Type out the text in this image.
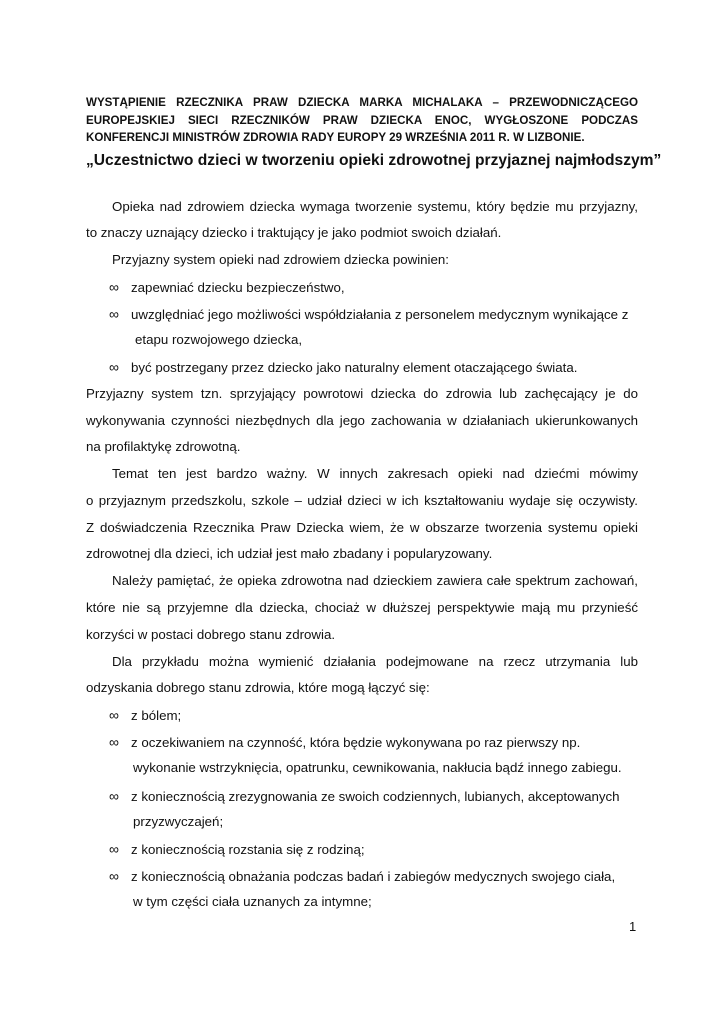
WYSTĄPIENIE RZECZNIKA PRAW DZIECKA MARKA MICHALAKA – PRZEWODNICZĄCEGO EUROPEJSKIEJ SIECI RZECZNIKÓW PRAW DZIECKA ENOC, WYGŁOSZONE PODCZAS KONFERENCJI MINISTRÓW ZDROWIA RADY EUROPY 29 WRZEŚNIA 2011 R. W LIZBONIE.
„Uczestnictwo dzieci w tworzeniu opieki zdrowotnej przyjaznej najmłodszym”
Opieka nad zdrowiem dziecka wymaga tworzenie systemu, który będzie mu przyjazny,
to znaczy uznający dziecko i traktujący je jako podmiot swoich działań.
Przyjazny system opieki nad zdrowiem dziecka powinien:
∞ zapewniać dziecku bezpieczeństwo,
∞ uwzględniać jego możliwości współdziałania z personelem medycznym wynikające z
etapu rozwojowego dziecka,
∞ być postrzegany przez dziecko jako naturalny element otaczającego świata.
Przyjazny system tzn. sprzyjający powrotowi dziecka do zdrowia lub zachęcający je do
wykonywania czynności niezbędnych dla jego zachowania w działaniach ukierunkowanych
na profilaktykę zdrowotną.
Temat ten jest bardzo ważny. W innych zakresach opieki nad dziećmi mówimy
o przyjaznym przedszkolu, szkole – udział dzieci w ich kształtowaniu wydaje się oczywisty.
Z doświadczenia Rzecznika Praw Dziecka wiem, że w obszarze tworzenia systemu opieki
zdrowotnej dla dzieci, ich udział jest mało zbadany i popularyzowany.
Należy pamiętać, że opieka zdrowotna nad dzieckiem zawiera całe spektrum zachowań,
które nie są przyjemne dla dziecka, chociaż w dłuższej perspektywie mają mu przynieść
korzyści w postaci dobrego stanu zdrowia.
Dla przykładu można wymienić działania podejmowane na rzecz utrzymania lub
odzyskania dobrego stanu zdrowia, które mogą łączyć się:
∞ z bólem;
∞ z oczekiwaniem na czynność, która będzie wykonywana po raz pierwszy np.
wykonanie wstrzyknięcia, opatrunku, cewnikowania, nakłucia bądź innego zabiegu.
∞ z koniecznością zrezygnowania ze swoich codziennych, lubianych, akceptowanych
przyzwyczajeń;
∞ z koniecznością rozstania się z rodziną;
∞ z koniecznością obnażania podczas badań i zabiegów medycznych swojego ciała,
w tym części ciała uznanych za intymne;
1
